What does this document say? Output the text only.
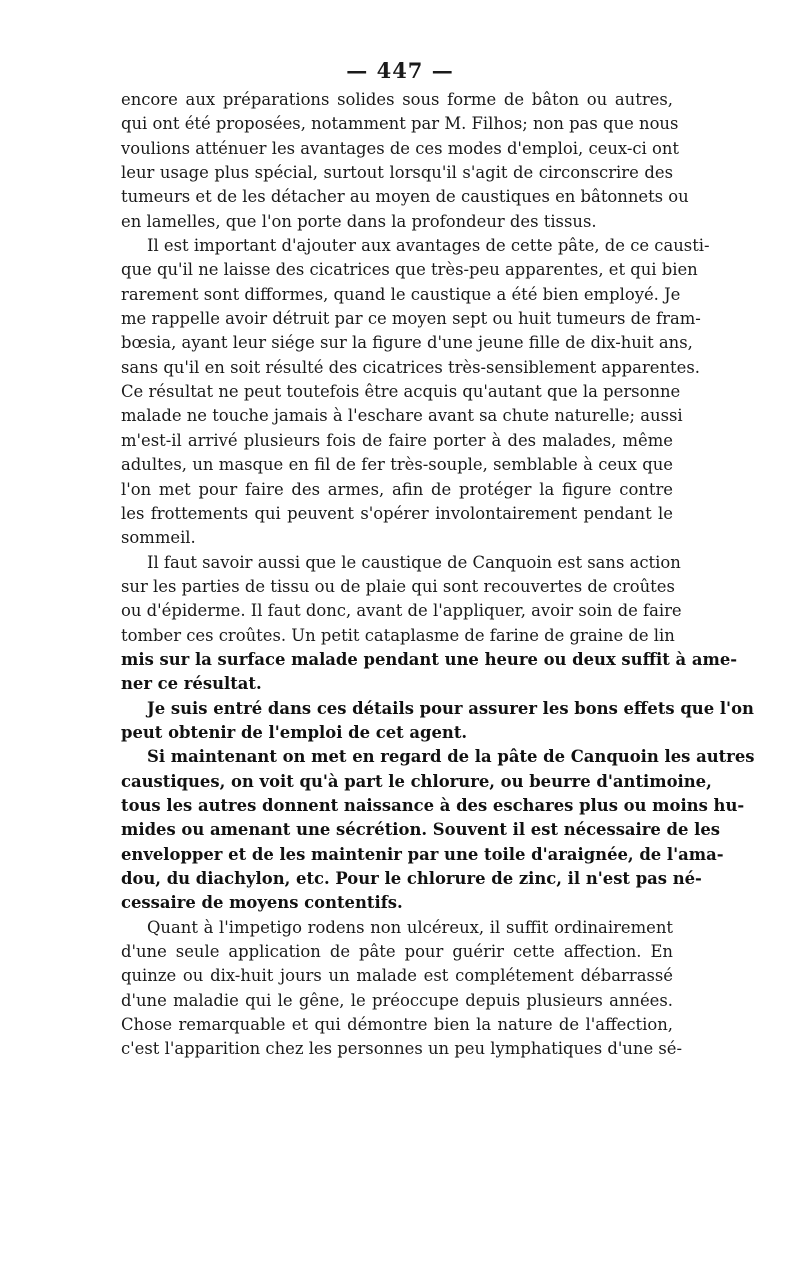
— 447 —
encore aux préparations solides sous forme de bâton ou autres,
qui ont été proposées, notamment par M. Filhos; non pas que nous
voulions atténuer les avantages de ces modes d'emploi, ceux-ci ont
leur usage plus spécial, surtout lorsqu'il s'agit de circonscrire des
tumeurs et de les détacher au moyen de caustiques en bâtonnets ou
en lamelles, que l'on porte dans la profondeur des tissus.
Il est important d'ajouter aux avantages de cette pâte, de ce causti-
que qu'il ne laisse des cicatrices que très-peu apparentes, et qui bien
rarement sont difformes, quand le caustique a été bien employé. Je
me rappelle avoir détruit par ce moyen sept ou huit tumeurs de fram-
bœsia, ayant leur siége sur la figure d'une jeune fille de dix-huit ans,
sans qu'il en soit résulté des cicatrices très-sensiblement apparentes.
Ce résultat ne peut toutefois être acquis qu'autant que la personne
malade ne touche jamais à l'eschare avant sa chute naturelle; aussi
m'est-il arrivé plusieurs fois de faire porter à des malades, même
adultes, un masque en fil de fer très-souple, semblable à ceux que
l'on met pour faire des armes, afin de protéger la figure contre
les frottements qui peuvent s'opérer involontairement pendant le
sommeil.
Il faut savoir aussi que le caustique de Canquoin est sans action
sur les parties de tissu ou de plaie qui sont recouvertes de croûtes
ou d'épiderme. Il faut donc, avant de l'appliquer, avoir soin de faire
tomber ces croûtes. Un petit cataplasme de farine de graine de lin
mis sur la surface malade pendant une heure ou deux suffit à ame-
ner ce résultat.
Je suis entré dans ces détails pour assurer les bons effets que l'on
peut obtenir de l'emploi de cet agent.
Si maintenant on met en regard de la pâte de Canquoin les autres
caustiques, on voit qu'à part le chlorure, ou beurre d'antimoine,
tous les autres donnent naissance à des eschares plus ou moins hu-
mides ou amenant une sécrétion. Souvent il est nécessaire de les
envelopper et de les maintenir par une toile d'araignée, de l'ama-
dou, du diachylon, etc. Pour le chlorure de zinc, il n'est pas né-
cessaire de moyens contentifs.
Quant à l'impetigo rodens non ulcéreux, il suffit ordinairement
d'une seule application de pâte pour guérir cette affection. En
quinze ou dix-huit jours un malade est complétement débarrassé
d'une maladie qui le gêne, le préoccupe depuis plusieurs années.
Chose remarquable et qui démontre bien la nature de l'affection,
c'est l'apparition chez les personnes un peu lymphatiques d'une sé-
